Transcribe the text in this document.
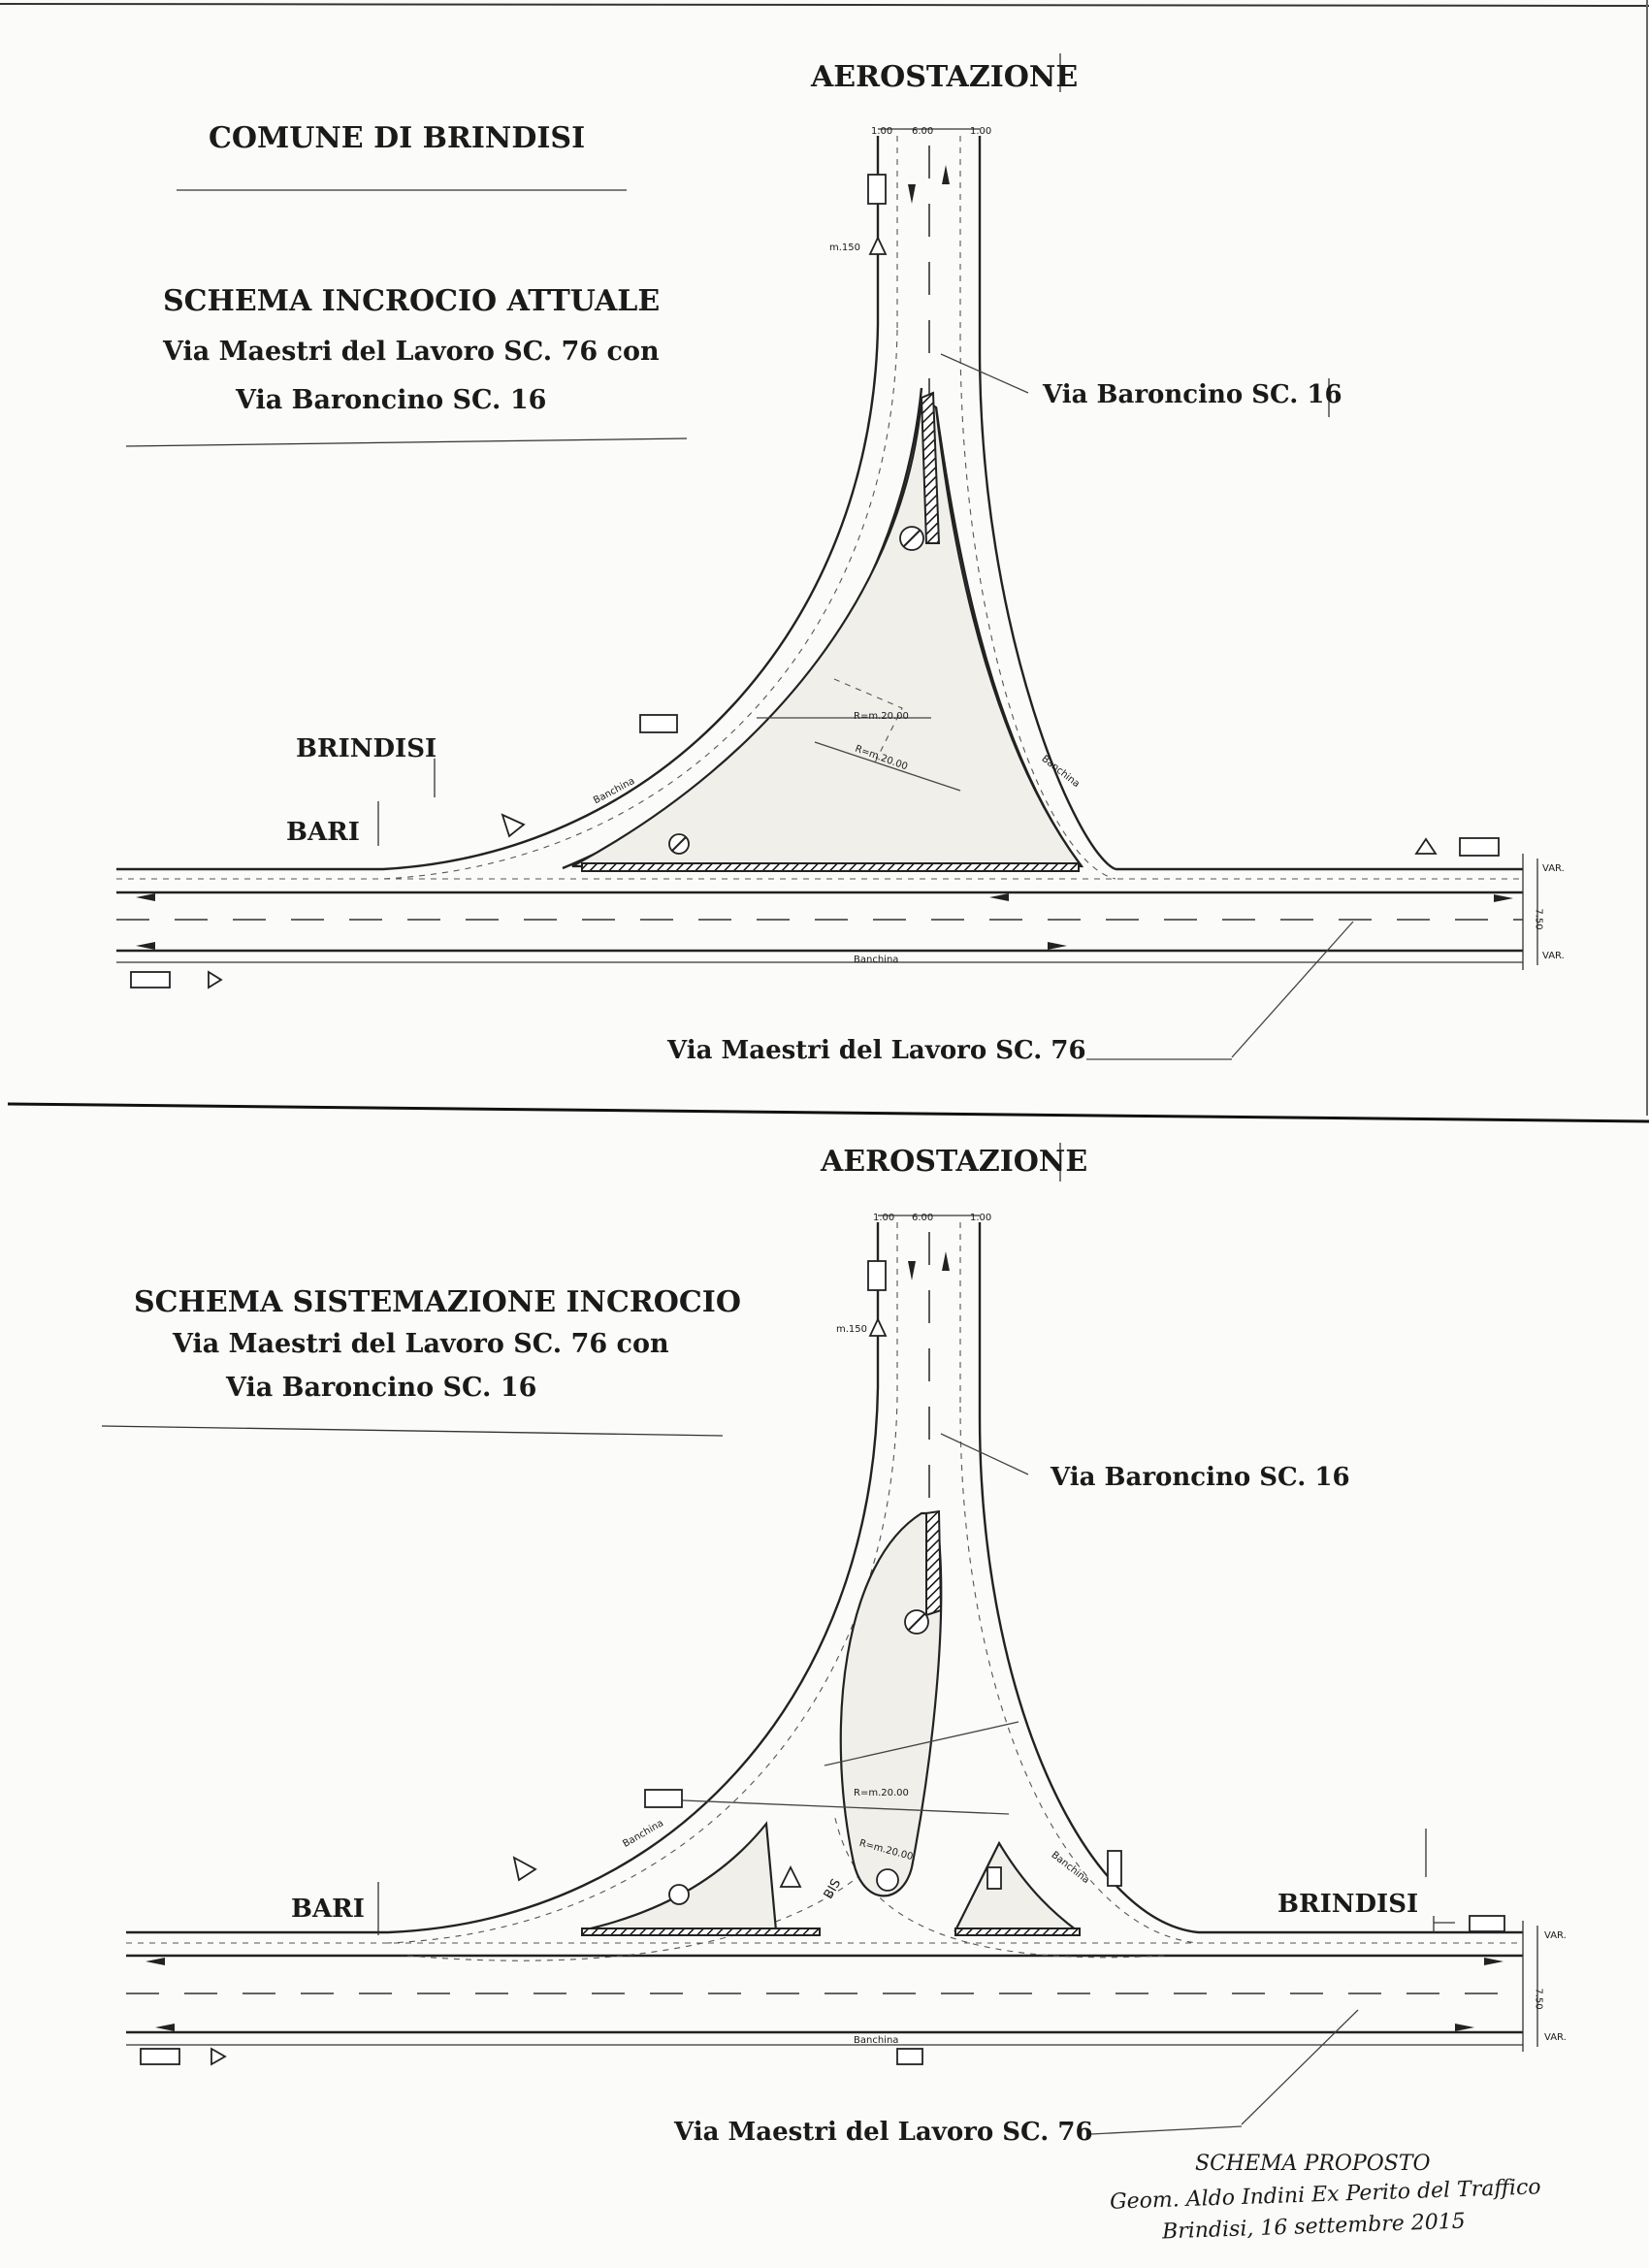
COMUNE DI BRINDISI
AEROSTAZIONE
SCHEMA INCROCIO ATTUALE
Via Maestri del Lavoro SC. 76 con
Via Baroncino SC. 16	Via Baroncino SC. 16
BRINDISI
BARI
Via Maestri del Lavoro SC. 76
1.00 6.00	1.00
m.150
R=m.20.00
R=m.20.00
Banchina
Banchina
Banchina
VAR.
7.50
VAR.
AEROSTAZIONE
SCHEMA SISTEMAZIONE INCROCIO
Via Maestri del Lavoro SC. 76 con
Via Baroncino SC. 16
Via Baroncino SC. 16
BARI	BRINDISI
Via Maestri del Lavoro SC. 76
1.00 6.00	1.00
m.150
R=m.20.00
R=m.20.00
Banchina
Banchina
Banchina
BIS
VAR.
7.50
VAR.
SCHEMA PROPOSTO
Geom. Aldo Indini Ex Perito del Traffico
Brindisi, 16 settembre 2015
